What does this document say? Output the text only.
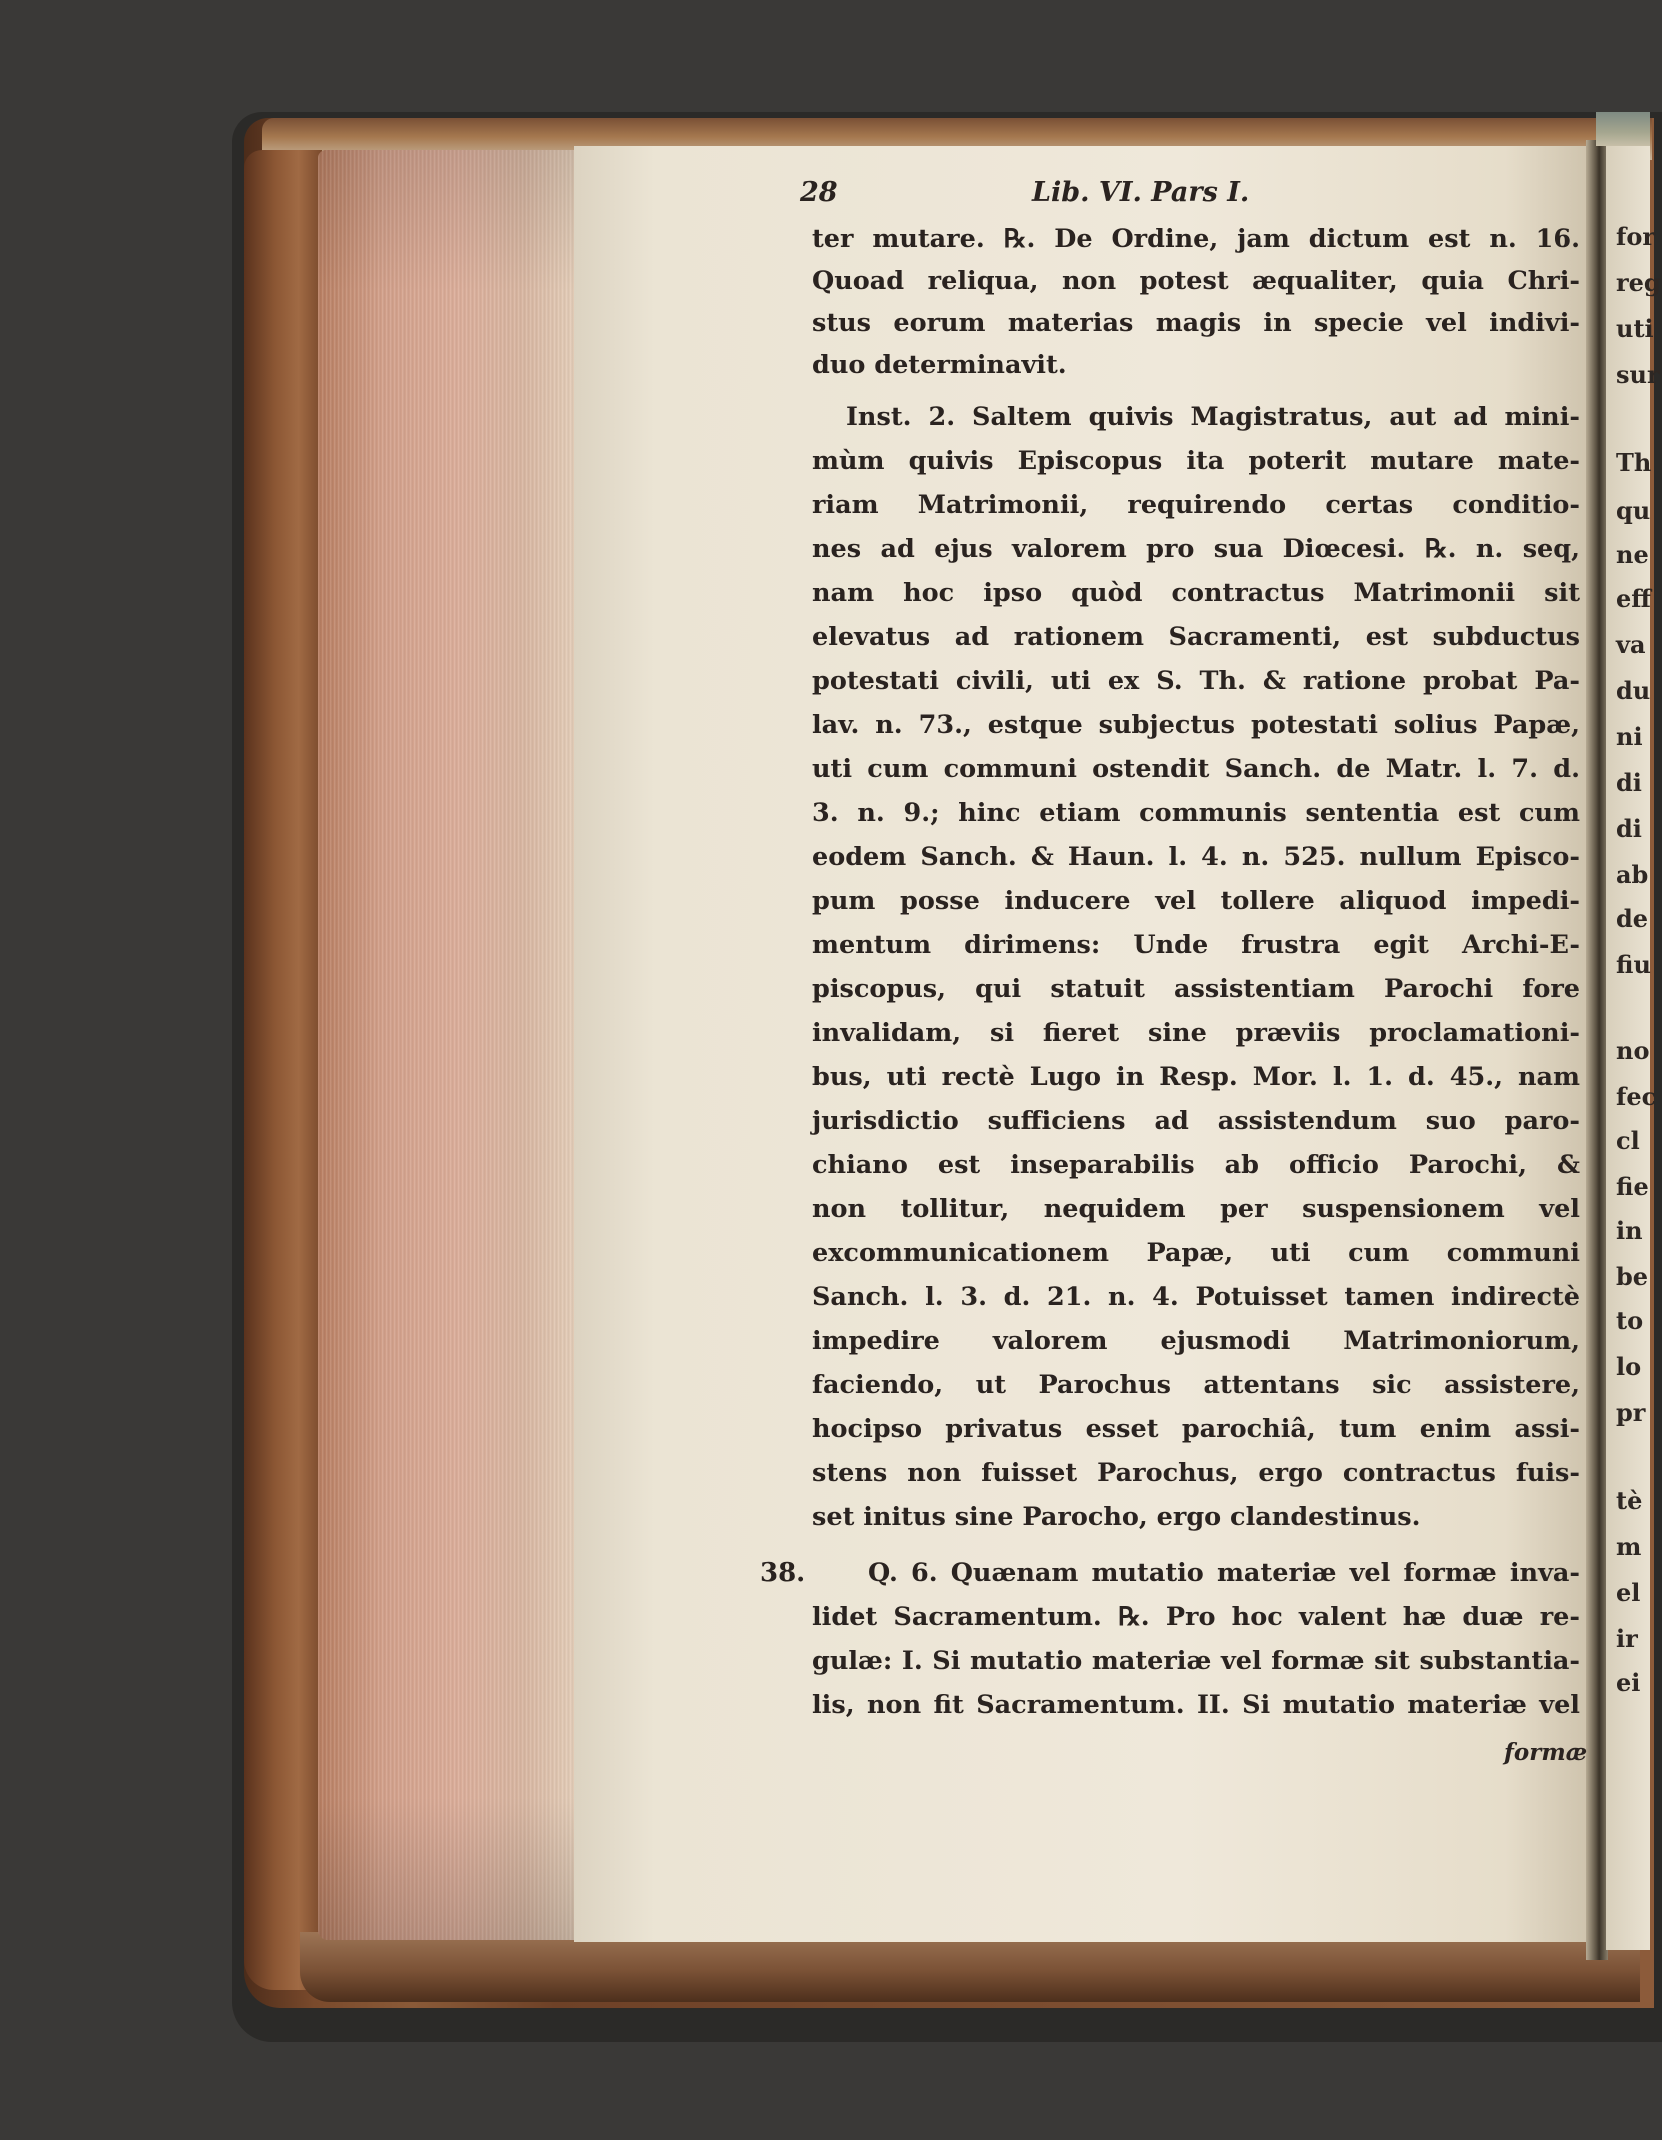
28	Lib. VI. Pars I.

ter mutare. ℞. De Ordine, jam dictum est n. 16.

Quoad reliqua, non potest æqualiter, quia Chri-

stus eorum materias magis in specie vel indivi-

duo determinavit.

Inst. 2. Saltem quivis Magistratus, aut ad mini-

mùm quivis Episcopus ita poterit mutare mate-

riam Matrimonii, requirendo certas conditio-

nes ad ejus valorem pro sua Diœcesi. ℞. n. seq,

nam hoc ipso quòd contractus Matrimonii sit

elevatus ad rationem Sacramenti, est subductus

potestati civili, uti ex S. Th. & ratione probat Pa-

lav. n. 73., estque subjectus potestati solius Papæ,

uti cum communi ostendit Sanch. de Matr. l. 7. d.

3. n. 9.; hinc etiam communis sententia est cum

eodem Sanch. & Haun. l. 4. n. 525. nullum Episco-

pum posse inducere vel tollere aliquod impedi-

mentum dirimens: Unde frustra egit Archi-E-

piscopus, qui statuit assistentiam Parochi fore

invalidam, si fieret sine præviis proclamationi-

bus, uti rectè Lugo in Resp. Mor. l. 1. d. 45., nam

jurisdictio sufficiens ad assistendum suo paro-

chiano est inseparabilis ab officio Parochi, &

non tollitur, nequidem per suspensionem vel

excommunicationem Papæ, uti cum communi

Sanch. l. 3. d. 21. n. 4. Potuisset tamen indirectè

impedire valorem ejusmodi Matrimoniorum,

faciendo, ut Parochus attentans sic assistere,

hocipso privatus esset parochiâ, tum enim assi-

stens non fuisset Parochus, ergo contractus fuis-

set initus sine Parocho, ergo clandestinus.

38. Q. 6. Quænam mutatio materiæ vel formæ inva-

lidet Sacramentum. ℞. Pro hoc valent hæ duæ re-

gulæ: I. Si mutatio materiæ vel formæ sit substantia-

lis, non fit Sacramentum. II. Si mutatio materiæ vel

formæ

for

reg

uti

sur

Th

qu

ne

eff

va

du

ni

di

di

ab

de

fiu

no

fec

cl

fie

in

be

to

lo

pr

tè

m

el

ir

ei
